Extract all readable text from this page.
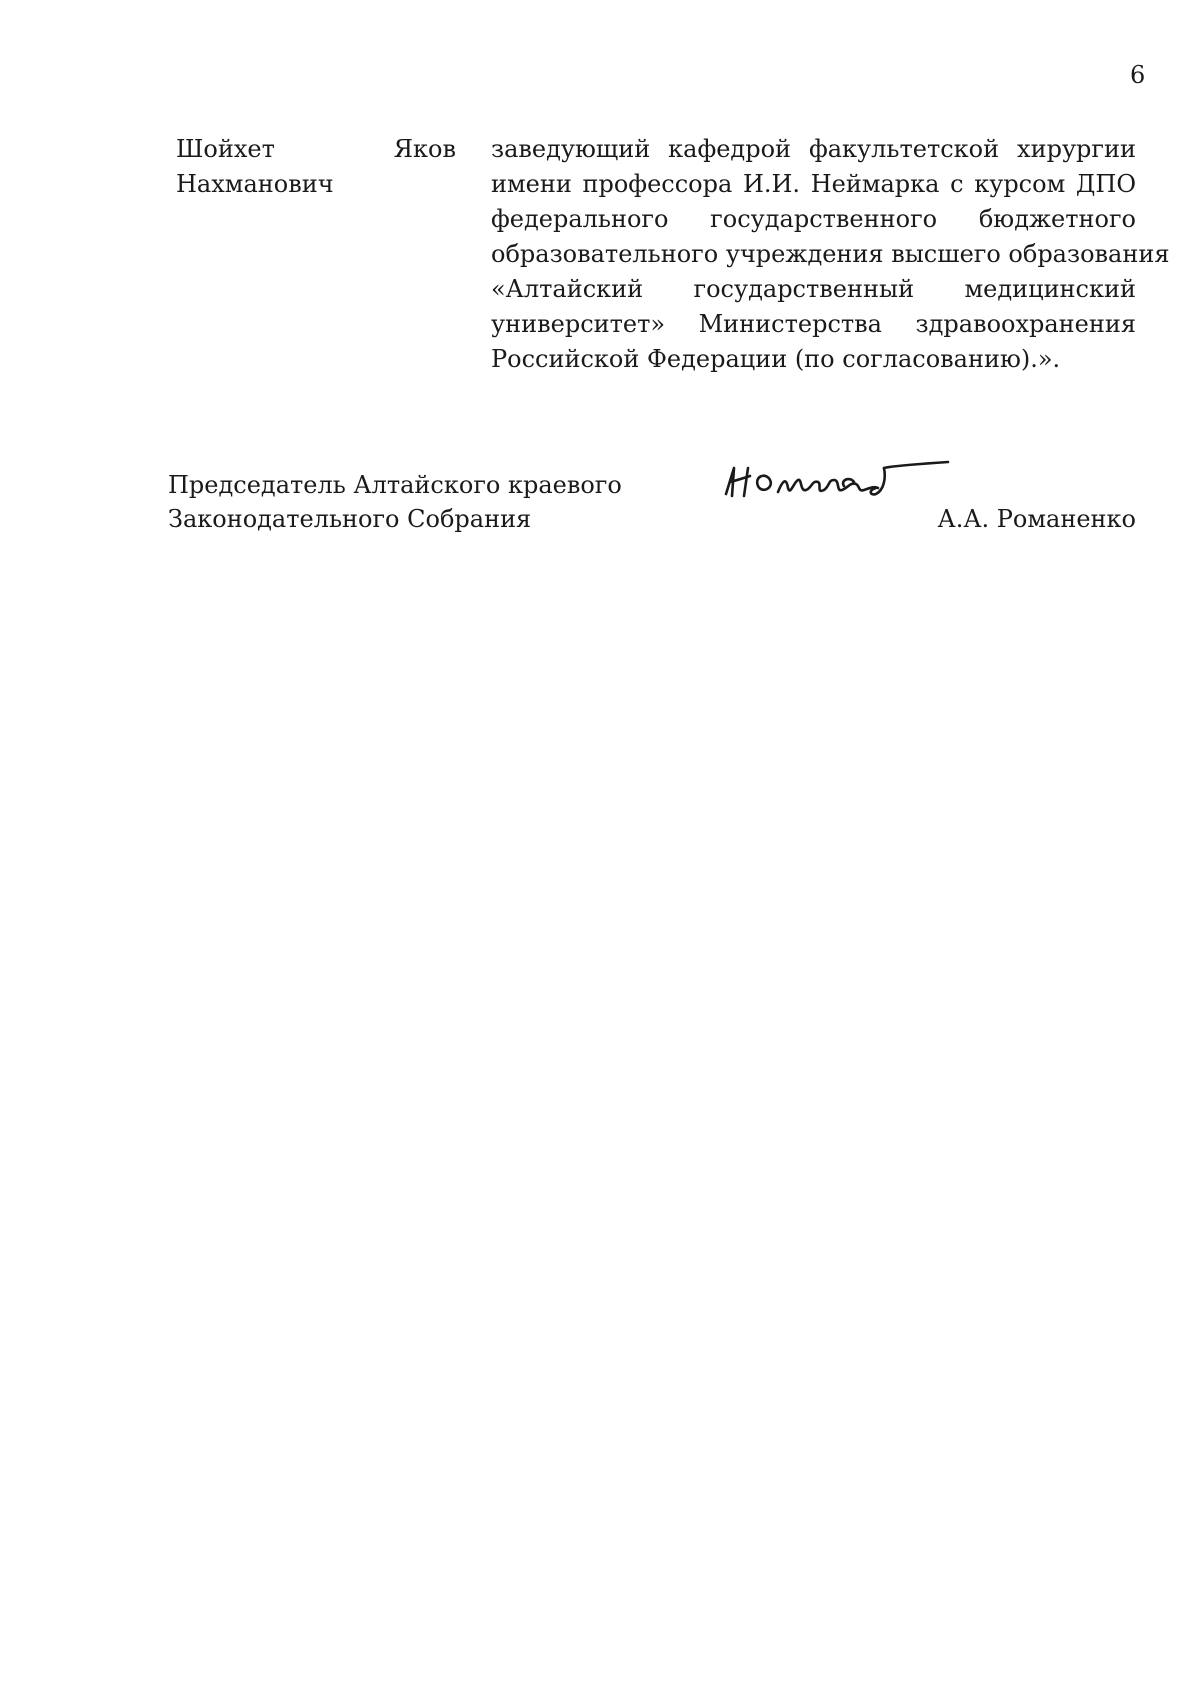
6
Шойхет	Яков
Нахманович
заведующий кафедрой факультетской хирургии
имени профессора И.И. Неймарка с курсом ДПО
федерального государственного бюджетного
образовательного учреждения высшего образования
«Алтайский государственный медицинский
университет» Министерства здравоохранения
Российской Федерации (по согласованию).».
Председатель Алтайского краевого
Законодательного Собрания	А.А. Романенко
